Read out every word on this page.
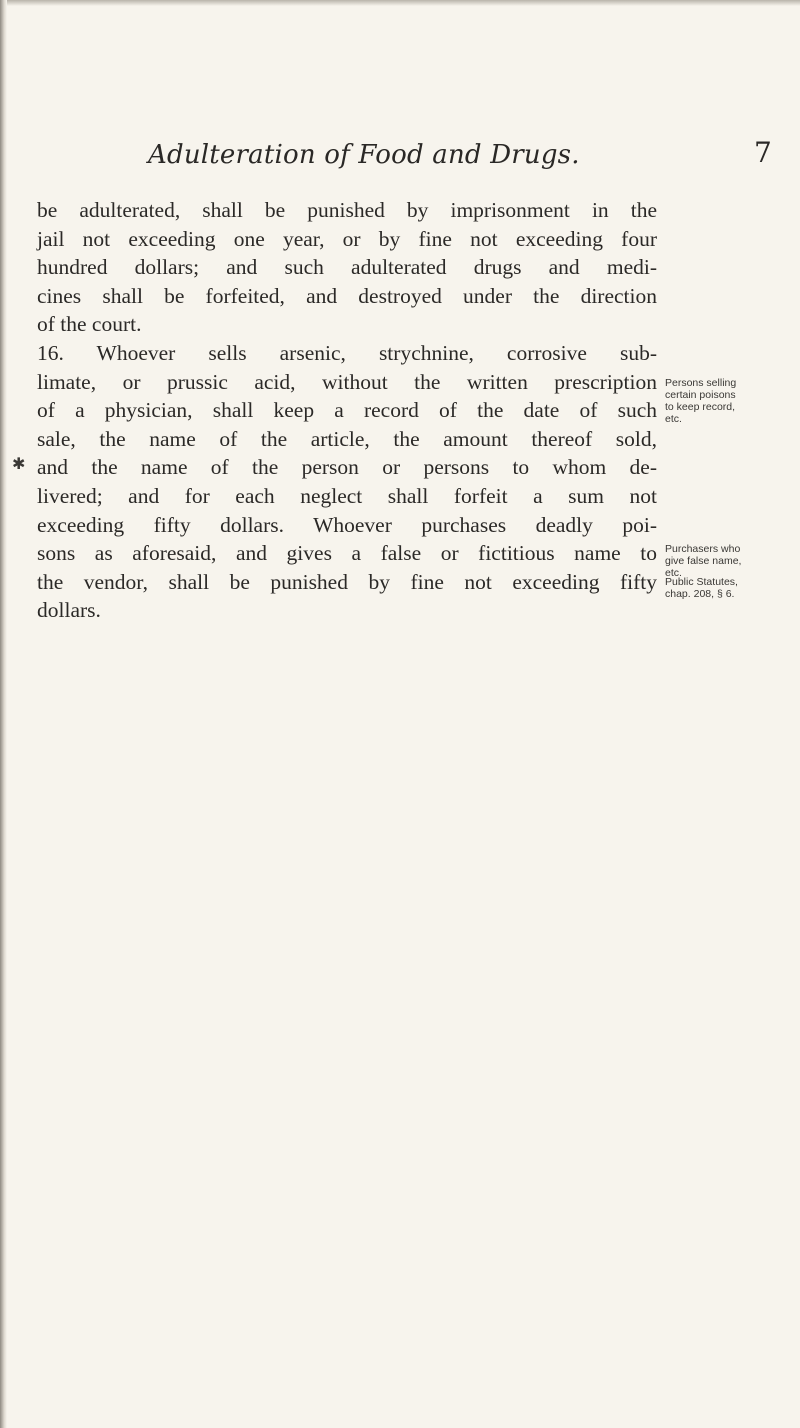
Adulteration of Food and Drugs.	7
be adulterated, shall be punished by imprisonment in the
jail not exceeding one year, or by fine not exceeding four
hundred dollars; and such adulterated drugs and medi-
cines shall be forfeited, and destroyed under the direction
of the court.
16. Whoever sells arsenic, strychnine, corrosive sub-
limate, or prussic acid, without the written prescription
of a physician, shall keep a record of the date of such
sale, the name of the article, the amount thereof sold,
and the name of the person or persons to whom de-
livered; and for each neglect shall forfeit a sum not
exceeding fifty dollars. Whoever purchases deadly poi-
sons as aforesaid, and gives a false or fictitious name to
the vendor, shall be punished by fine not exceeding fifty
dollars.
Persons selling
certain poisons
to keep record,
etc.
Purchasers who
give false name,
etc.
Public Statutes,
chap. 208, § 6.
✱
